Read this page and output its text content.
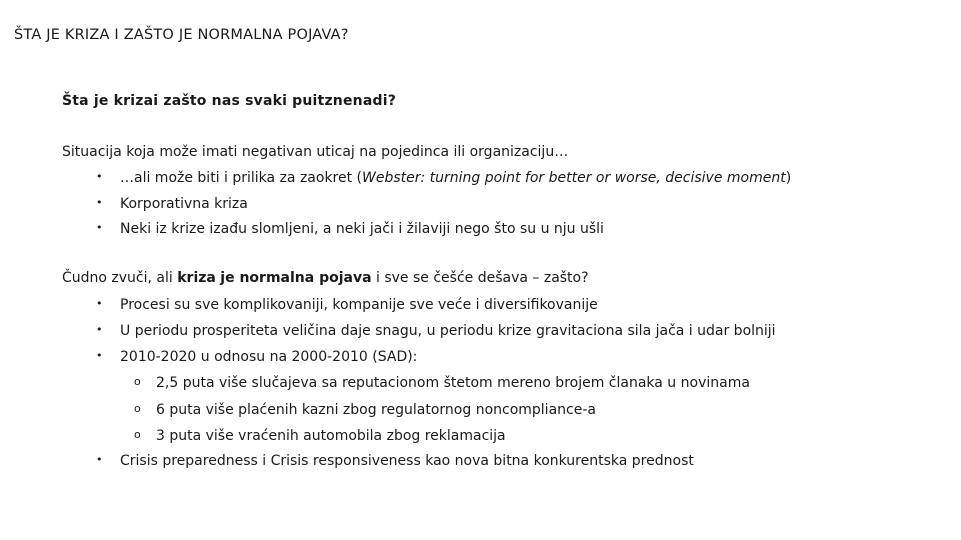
ŠTA JE KRIZA I ZAŠTO JE NORMALNA POJAVA?
Šta je krizai zašto nas svaki puitznenadi?
Situacija koja može imati negativan uticaj na pojedinca ili organizaciju…
• …ali može biti i prilika za zaokret (Webster: turning point for better or worse, decisive moment)
• Korporativna kriza
• Neki iz krize izađu slomljeni, a neki jači i žilaviji nego što su u nju ušli
Čudno zvuči, ali kriza je normalna pojava i sve se češće dešava – zašto?
• Procesi su sve komplikovaniji, kompanije sve veće i diversifikovanije
• U periodu prosperiteta veličina daje snagu, u periodu krize gravitaciona sila jača i udar bolniji
• 2010-2020 u odnosu na 2000-2010 (SAD):
o 2,5 puta više slučajeva sa reputacionom štetom mereno brojem članaka u novinama
o 6 puta više plaćenih kazni zbog regulatornog noncompliance-a
o 3 puta više vraćenih automobila zbog reklamacija
• Crisis preparedness i Crisis responsiveness kao nova bitna konkurentska prednost
